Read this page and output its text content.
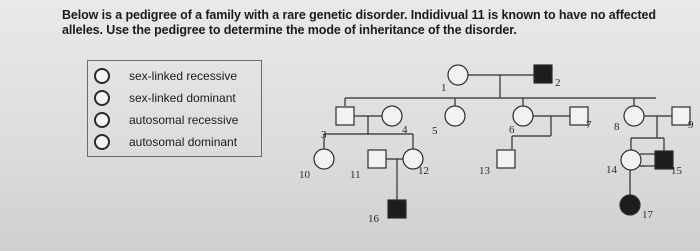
Below is a pedigree of a family with a rare genetic disorder. Indidivual 11 is known to have no affected alleles. Use the pedigree to determine the mode of inheritance of the disorder.
sex-linked recessive
sex-linked dominant
autosomal recessive
autosomal dominant
1	2
3	4 5	6	7 8	9
10	11	12	13	14	15
16	17
